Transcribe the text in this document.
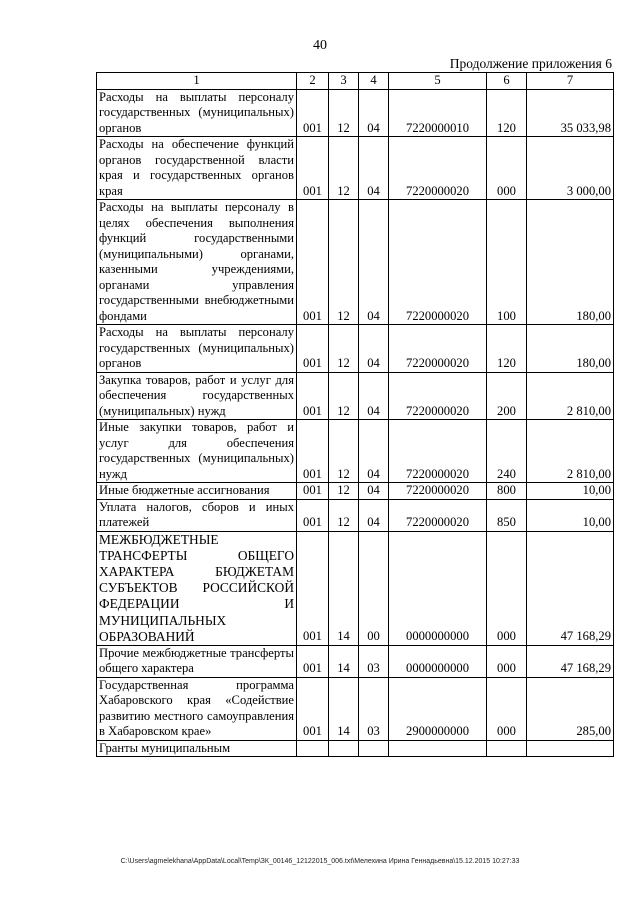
40
Продолжение приложения 6
1	2	3	4	5	6	7
Расходы на выплаты персоналу государственных (муниципальных) органов	001	12	04	7220000010	120	35 033,98
Расходы на обеспечение функций органов государственной власти края и государственных органов края	001	12	04	7220000020	000	3 000,00
Расходы на выплаты персоналу в целях обеспечения выполнения функций государственными (муниципальными) органами, казенными учреждениями, органами управления государственными внебюджетными фондами	001	12	04	7220000020	100	180,00
Расходы на выплаты персоналу государственных (муниципальных) органов	001	12	04	7220000020	120	180,00
Закупка товаров, работ и услуг для обеспечения государственных (муниципальных) нужд	001	12	04	7220000020	200	2 810,00
Иные закупки товаров, работ и услуг для обеспечения государственных (муниципальных) нужд	001	12	04	7220000020	240	2 810,00
Иные бюджетные ассигнования	001	12	04	7220000020	800	10,00
Уплата налогов, сборов и иных платежей	001	12	04	7220000020	850	10,00
МЕЖБЮДЖЕТНЫЕ ТРАНСФЕРТЫ ОБЩЕГО ХАРАКТЕРА БЮДЖЕТАМ СУБЪЕКТОВ РОССИЙСКОЙ ФЕДЕРАЦИИ И МУНИЦИПАЛЬНЫХ ОБРАЗОВАНИЙ	001	14	00	0000000000	000	47 168,29
Прочие межбюджетные трансферты общего характера	001	14	03	0000000000	000	47 168,29
Государственная программа Хабаровского края «Содействие развитию местного самоуправления в Хабаровском крае»	001	14	03	2900000000	000	285,00
Гранты муниципальным						
C:\Users\agmelekhana\AppData\Local\Temp\ЗК_00146_12122015_006.txt\Мелехина Ирина Геннадьевна\15.12.2015 10:27:33
